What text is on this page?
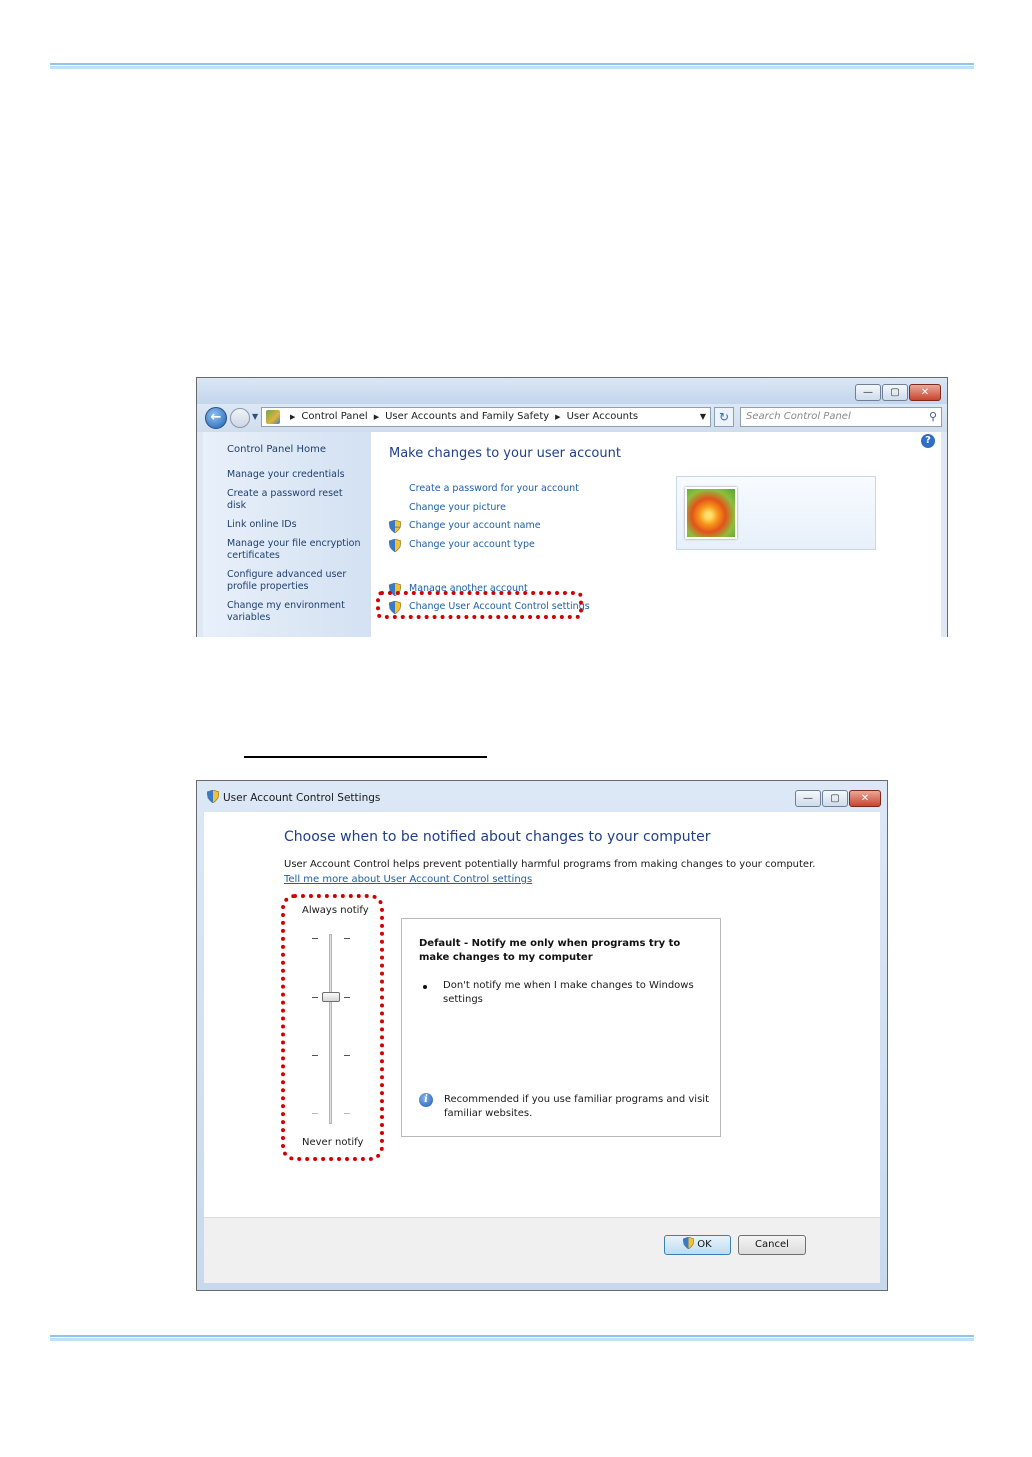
—	▢	✕
←	▼	▶ Control Panel ▶ User Accounts and Family Safety ▶ User Accounts	▼	↻	Search Control Panel	⚲
Control Panel Home
Manage your credentials
Create a password reset disk
Link online IDs
Manage your file encryption certificates
Configure advanced user profile properties
Change my environment variables
?
Make changes to your user account
Create a password for your account
Change your picture
Change your account name
Change your account type
Manage another account
Change User Account Control settings
User Account Control Settings	—	▢	✕
Choose when to be notified about changes to your computer
User Account Control helps prevent potentially harmful programs from making changes to your computer.
Tell me more about User Account Control settings
Always notify
Never notify
Default - Notify me only when programs try to make changes to my computer
Don't notify me when I make changes to Windows settings
i	Recommended if you use familiar programs and visit familiar websites.
OK	Cancel
